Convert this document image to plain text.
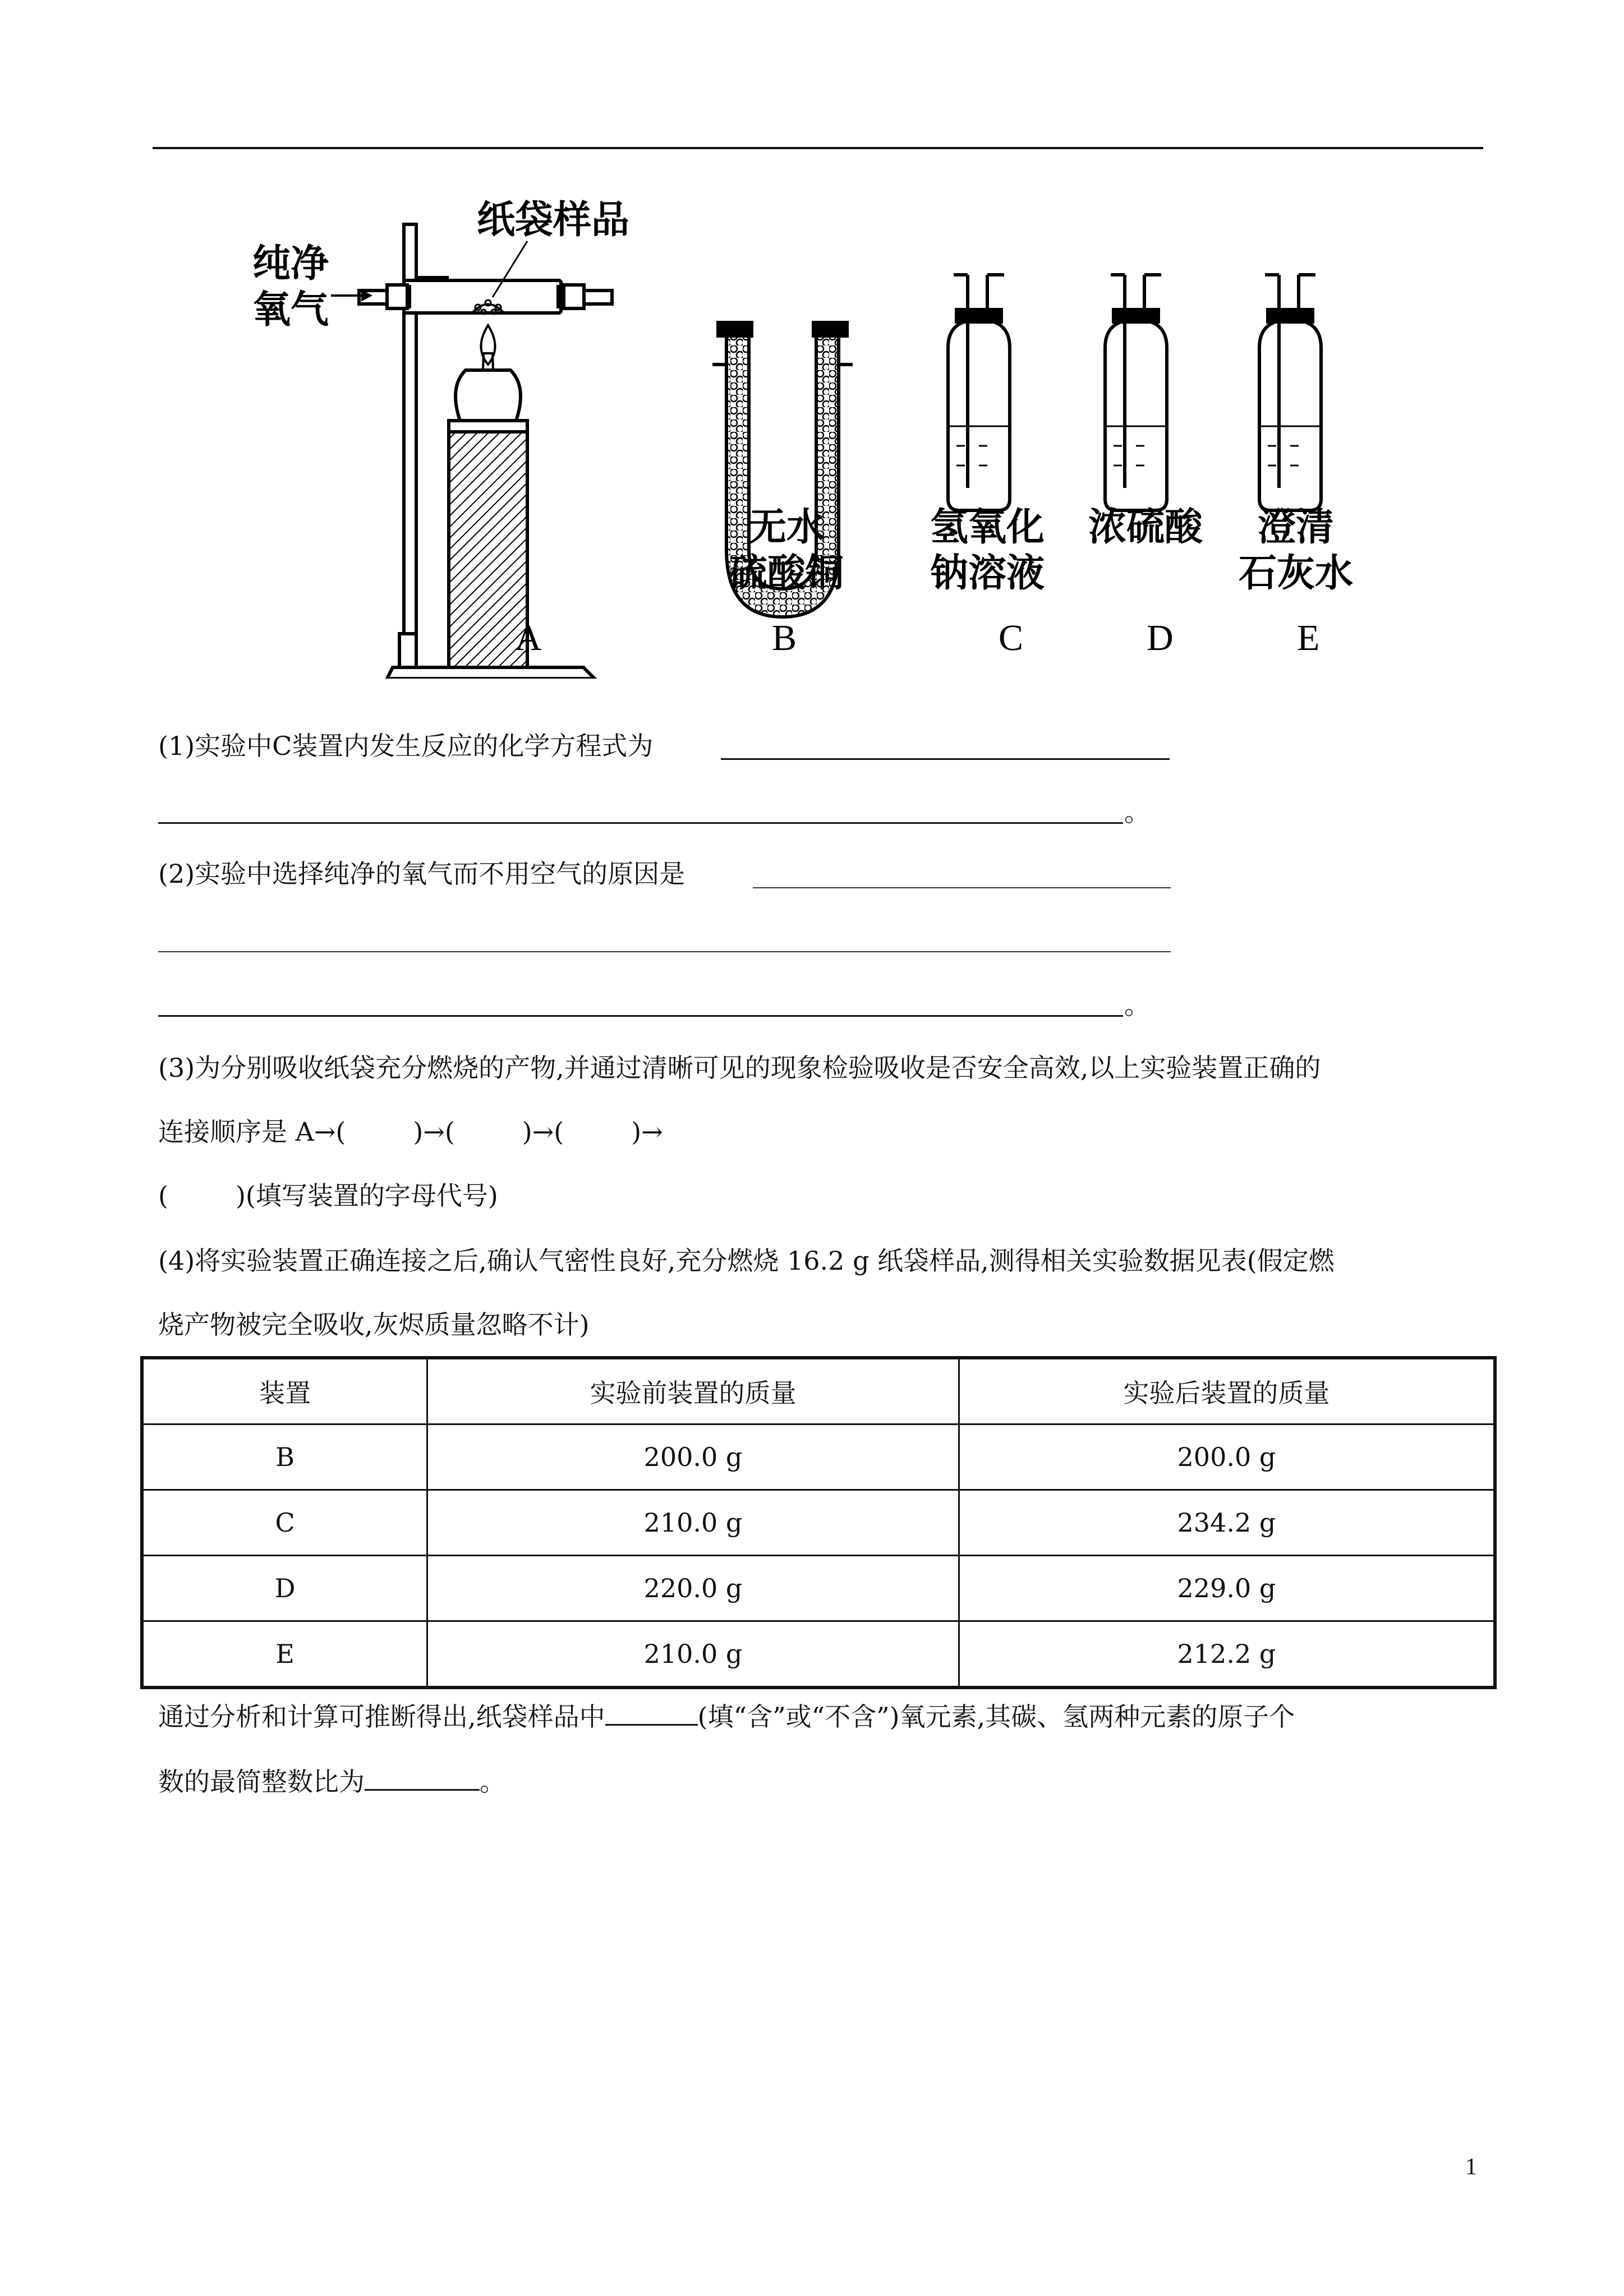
纯净
氧气
纸袋样品
无水
硫酸铜
氢氧化
钠溶液
浓硫酸	澄清
石灰水
A	B	C	D	E
(1)实验中C装置内发生反应的化学方程式为
。
(2)实验中选择纯净的氧气而不用空气的原因是
。
(3)为分别吸收纸袋充分燃烧的产物,并通过清晰可见的现象检验吸收是否安全高效,以上实验装置正确的
连接顺序是 A→(	)→(	)→(	)→
(	)(填写装置的字母代号)
(4)将实验装置正确连接之后,确认气密性良好,充分燃烧 16.2 g 纸袋样品,测得相关实验数据见表(假定燃
烧产物被完全吸收,灰烬质量忽略不计)
装置	实验前装置的质量	实验后装置的质量
B	200.0 g	200.0 g
C	210.0 g	234.2 g
D	220.0 g	229.0 g
E	210.0 g	212.2 g
通过分析和计算可推断得出,纸袋样品中	(填“含”或“不含”)氧元素,其碳、氢两种元素的原子个
数的最简整数比为	。
1
